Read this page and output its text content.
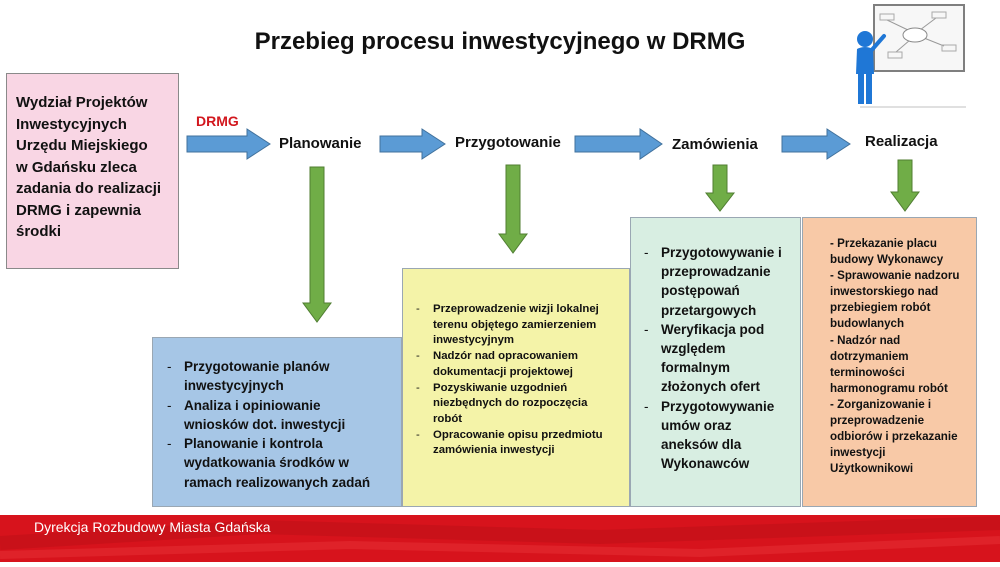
Przebieg procesu inwestycyjnego w DRMG
Wydział Projektów
Inwestycyjnych
Urzędu Miejskiego
w Gdańsku zleca
zadania do realizacji
DRMG i zapewnia
środki
DRMG
Planowanie	Przygotowanie	Zamówienia	Realizacja
- Przygotowanie planów
inwestycyjnych
- Analiza i opiniowanie
wniosków dot. inwestycji
- Planowanie i kontrola
wydatkowania środków w
ramach realizowanych zadań
- Przeprowadzenie wizji lokalnej
terenu objętego zamierzeniem
inwestycyjnym
- Nadzór nad opracowaniem
dokumentacji projektowej
- Pozyskiwanie uzgodnień
niezbędnych do rozpoczęcia
robót
- Opracowanie opisu przedmiotu
zamówienia inwestycji
- Przygotowywanie i
przeprowadzanie
postępowań
przetargowych
- Weryfikacja pod
względem
formalnym
złożonych ofert
- Przygotowywanie
umów oraz
aneksów dla
Wykonawców
- Przekazanie placu
budowy Wykonawcy
- Sprawowanie nadzoru
inwestorskiego nad
przebiegiem robót
budowlanych
- Nadzór nad
dotrzymaniem
terminowości
harmonogramu robót
- Zorganizowanie i
przeprowadzenie
odbiorów i przekazanie
inwestycji
Użytkownikowi
Dyrekcja Rozbudowy Miasta Gdańska
